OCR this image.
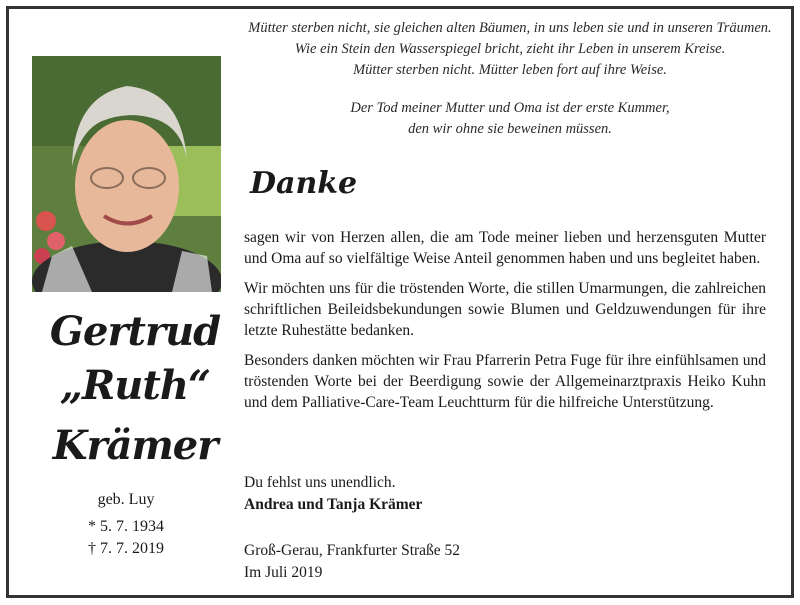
Mütter sterben nicht, sie gleichen alten Bäumen, in uns leben sie und in unseren Träumen.
Wie ein Stein den Wasserspiegel bricht, zieht ihr Leben in unserem Kreise.
Mütter sterben nicht. Mütter leben fort auf ihre Weise.
Der Tod meiner Mutter und Oma ist der erste Kummer,
den wir ohne sie beweinen müssen.
Gertrud
„Ruth“
Krämer
geb. Luy
* 5. 7. 1934
† 7. 7. 2019
Danke

sagen wir von Herzen allen, die am Tode meiner lieben und herzensguten Mutter und Oma auf so vielfältige Weise Anteil genommen haben und uns begleitet haben.

Wir möchten uns für die tröstenden Worte, die stillen Umarmungen, die zahlreichen schriftlichen Beileidsbekundungen sowie Blumen und Geldzuwendungen für ihre letzte Ruhestätte bedanken.

Besonders danken möchten wir Frau Pfarrerin Petra Fuge für ihre einfühlsamen und tröstenden Worte bei der Beerdigung sowie der Allgemeinarztpraxis Heiko Kuhn und dem Palliative-Care-Team Leuchtturm für die hilfreiche Unterstützung.

Du fehlst uns unendlich.
Andrea und Tanja Krämer
Groß-Gerau, Frankfurter Straße 52
Im Juli 2019
